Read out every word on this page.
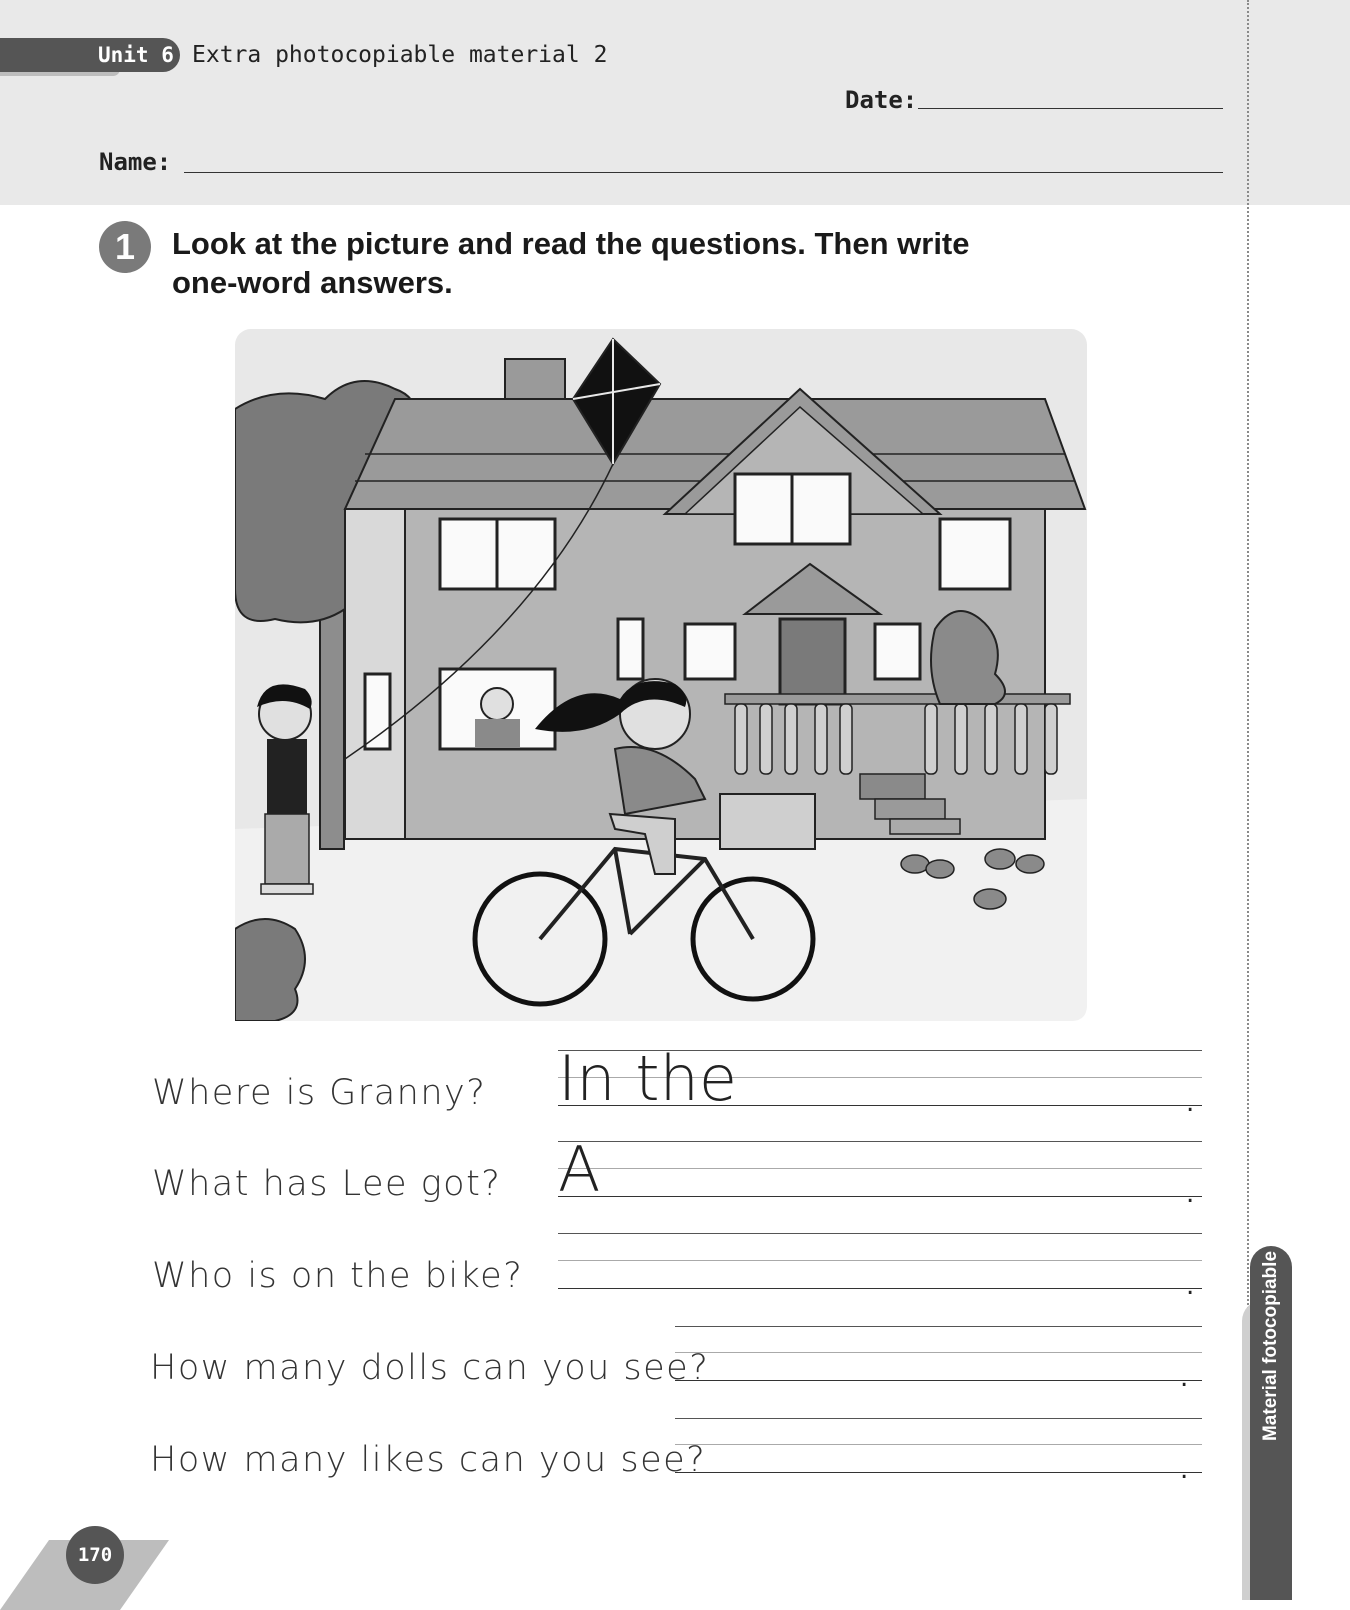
Unit 6 Extra photocopiable material 2
Date:
Name:
1	Look at the picture and read the questions. Then write one-word answers.
Where is Granny?	.
In the
What has Lee got?	.
A
Who is on the bike?	.
How many dolls can you see?	.
How many likes can you see?	.
Material fotocopiable
170
